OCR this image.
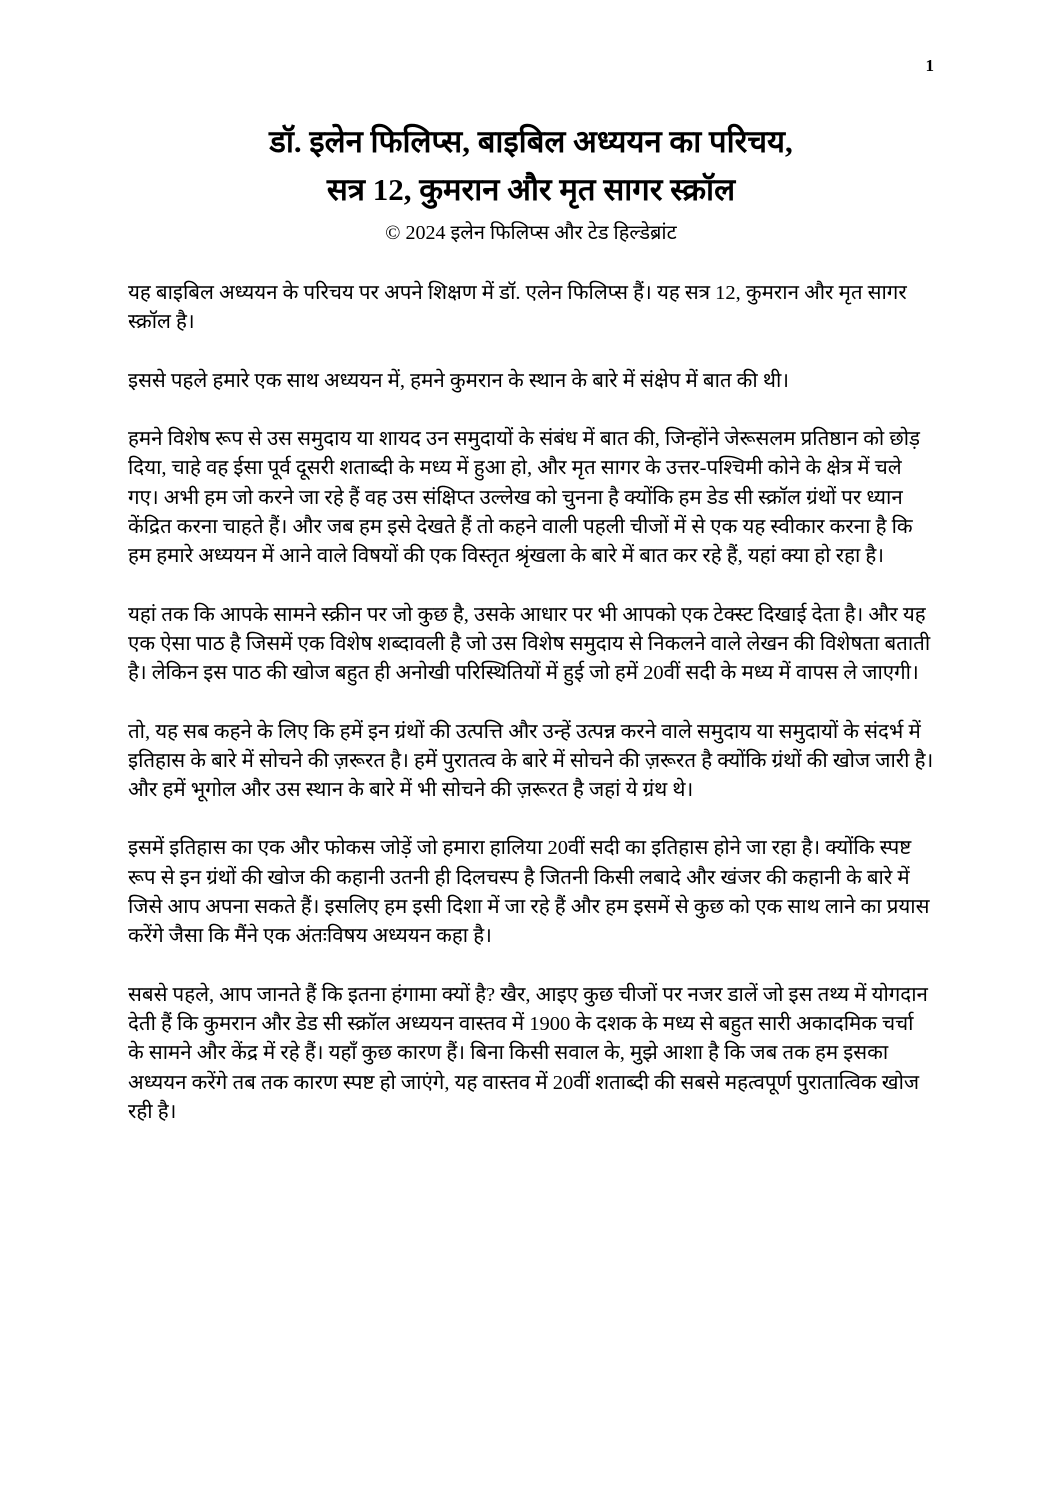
1
डॉ. इलेन फिलिप्स, बाइबिल अध्ययन का परिचय,
सत्र 12, कुमरान और मृत सागर स्क्रॉल
© 2024 इलेन फिलिप्स और टेड हिल्डेब्रांट

यह बाइबिल अध्ययन के परिचय पर अपने शिक्षण में डॉ. एलेन फिलिप्स हैं। यह सत्र 12, कुमरान और मृत सागर स्क्रॉल है।

इससे पहले हमारे एक साथ अध्ययन में, हमने कुमरान के स्थान के बारे में संक्षेप में बात की थी।

हमने विशेष रूप से उस समुदाय या शायद उन समुदायों के संबंध में बात की, जिन्होंने जेरूसलम प्रतिष्ठान को छोड़ दिया, चाहे वह ईसा पूर्व दूसरी शताब्दी के मध्य में हुआ हो, और मृत सागर के उत्तर-पश्चिमी कोने के क्षेत्र में चले गए। अभी हम जो करने जा रहे हैं वह उस संक्षिप्त उल्लेख को चुनना है क्योंकि हम डेड सी स्क्रॉल ग्रंथों पर ध्यान केंद्रित करना चाहते हैं। और जब हम इसे देखते हैं तो कहने वाली पहली चीजों में से एक यह स्वीकार करना है कि हम हमारे अध्ययन में आने वाले विषयों की एक विस्तृत श्रृंखला के बारे में बात कर रहे हैं, यहां क्या हो रहा है।

यहां तक कि आपके सामने स्क्रीन पर जो कुछ है, उसके आधार पर भी आपको एक टेक्स्ट दिखाई देता है। और यह एक ऐसा पाठ है जिसमें एक विशेष शब्दावली है जो उस विशेष समुदाय से निकलने वाले लेखन की विशेषता बताती है। लेकिन इस पाठ की खोज बहुत ही अनोखी परिस्थितियों में हुई जो हमें 20वीं सदी के मध्य में वापस ले जाएगी।

तो, यह सब कहने के लिए कि हमें इन ग्रंथों की उत्पत्ति और उन्हें उत्पन्न करने वाले समुदाय या समुदायों के संदर्भ में इतिहास के बारे में सोचने की ज़रूरत है। हमें पुरातत्व के बारे में सोचने की ज़रूरत है क्योंकि ग्रंथों की खोज जारी है। और हमें भूगोल और उस स्थान के बारे में भी सोचने की ज़रूरत है जहां ये ग्रंथ थे।

इसमें इतिहास का एक और फोकस जोड़ें जो हमारा हालिया 20वीं सदी का इतिहास होने जा रहा है। क्योंकि स्पष्ट रूप से इन ग्रंथों की खोज की कहानी उतनी ही दिलचस्प है जितनी किसी लबादे और खंजर की कहानी के बारे में जिसे आप अपना सकते हैं। इसलिए हम इसी दिशा में जा रहे हैं और हम इसमें से कुछ को एक साथ लाने का प्रयास करेंगे जैसा कि मैंने एक अंतःविषय अध्ययन कहा है।

सबसे पहले, आप जानते हैं कि इतना हंगामा क्यों है? खैर, आइए कुछ चीजों पर नजर डालें जो इस तथ्य में योगदान देती हैं कि कुमरान और डेड सी स्क्रॉल अध्ययन वास्तव में 1900 के दशक के मध्य से बहुत सारी अकादमिक चर्चा के सामने और केंद्र में रहे हैं। यहाँ कुछ कारण हैं। बिना किसी सवाल के, मुझे आशा है कि जब तक हम इसका अध्ययन करेंगे तब तक कारण स्पष्ट हो जाएंगे, यह वास्तव में 20वीं शताब्दी की सबसे महत्वपूर्ण पुरातात्विक खोज रही है।
